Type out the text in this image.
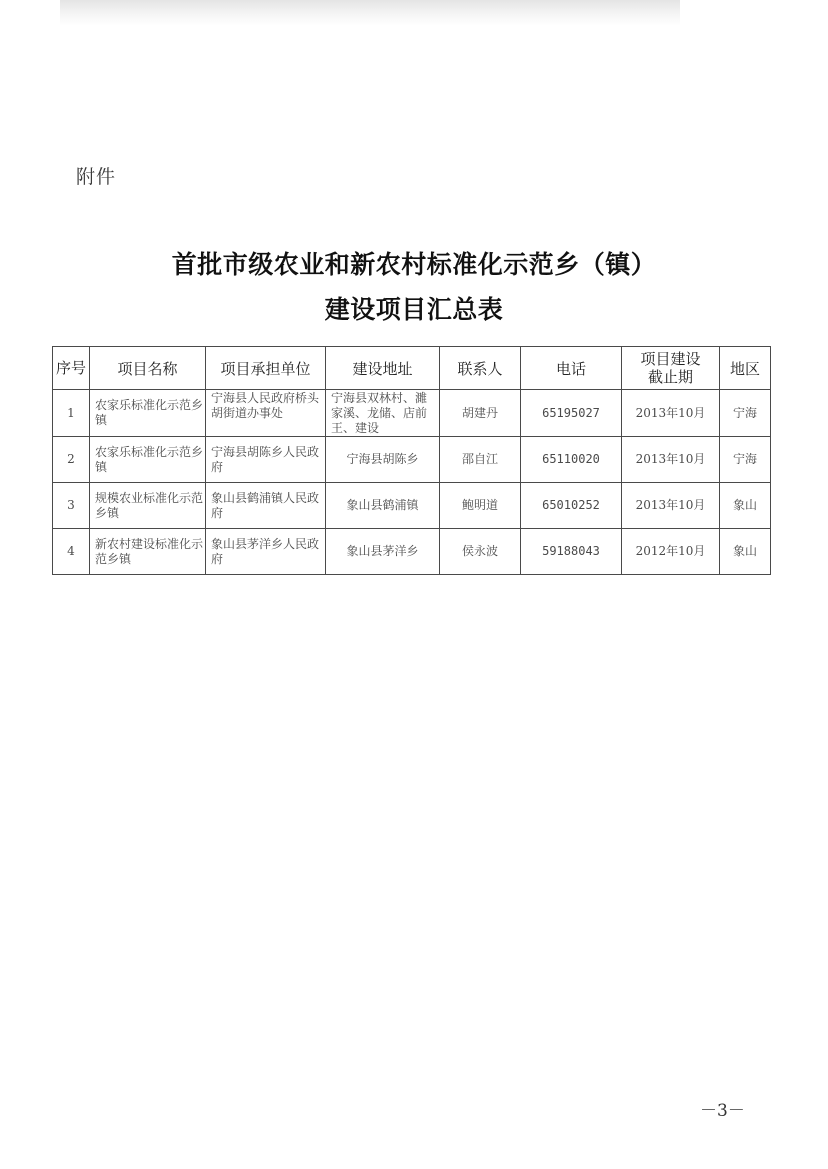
附件
首批市级农业和新农村标准化示范乡（镇）
建设项目汇总表
序号	项目名称	项目承担单位	建设地址	联系人	电话	项目建设截止期	地区
1	农家乐标准化示范乡镇	宁海县人民政府桥头胡街道办事处	宁海县双林村、濉家溪、龙储、店前王、建设	胡建丹	65195027	2013年10月	宁海
2	农家乐标准化示范乡镇	宁海县胡陈乡人民政府	宁海县胡陈乡	邵自江	65110020	2013年10月	宁海
3	规模农业标准化示范乡镇	象山县鹤浦镇人民政府	象山县鹤浦镇	鲍明道	65010252	2013年10月	象山
4	新农村建设标准化示范乡镇	象山县茅洋乡人民政府	象山县茅洋乡	侯永波	59188043	2012年10月	象山
－3－
